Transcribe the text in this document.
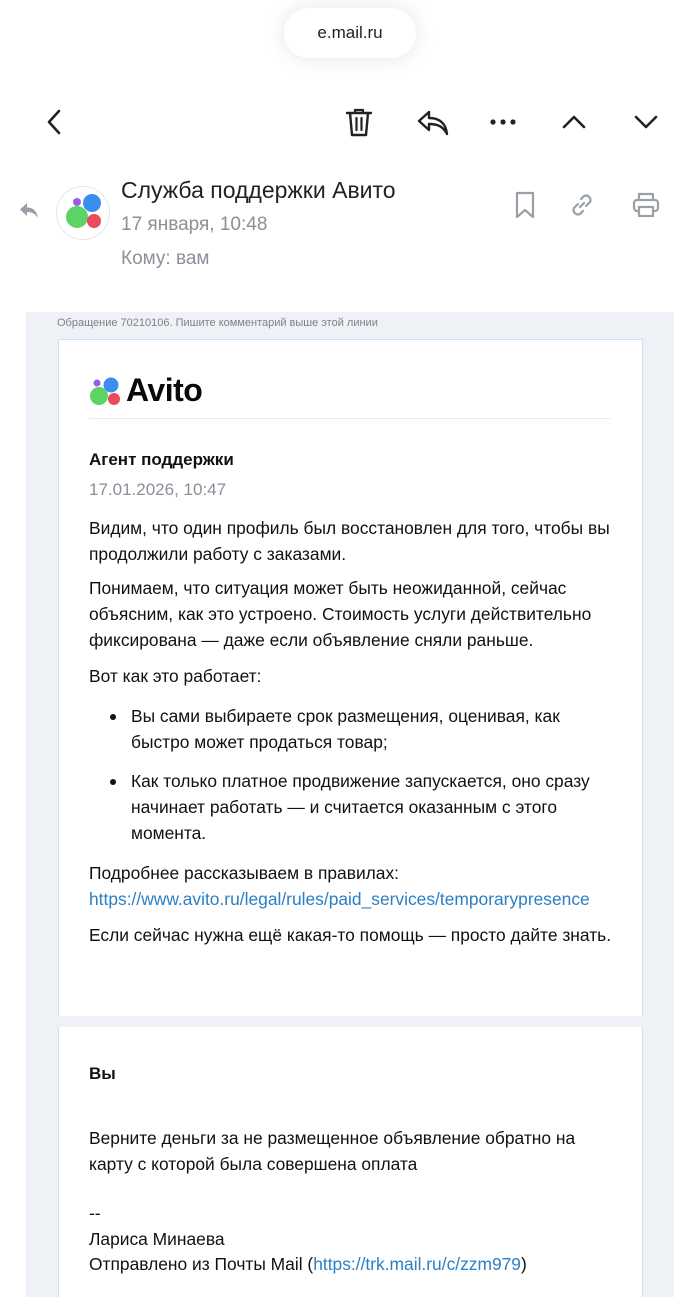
e.mail.ru
Служба поддержки Авито
17 января, 10:48
Кому: вам
Обращение 70210106. Пишите комментарий выше этой линии
Avito
Агент поддержки
17.01.2026, 10:47

Видим, что один профиль был восстановлен для того, чтобы вы продолжили работу с заказами.

Понимаем, что ситуация может быть неожиданной, сейчас объясним, как это устроено. Стоимость услуги действительно фиксирована — даже если объявление сняли раньше.

Вот как это работает:

Вы сами выбираете срок размещения, оценивая, как быстро может продаться товар;
Как только платное продвижение запускается, оно сразу начинает работать — и считается оказанным с этого момента.

Подробнее рассказываем в правилах:

https://www.avito.ru/legal/rules/paid_services/temporarypresence

Если сейчас нужна ещё какая-то помощь — просто дайте знать.

Вы

Верните деньги за не размещенное объявление обратно на карту с которой была совершена оплата

--
Лариса Минаева
Отправлено из Почты Mail (https://trk.mail.ru/c/zzm979)
